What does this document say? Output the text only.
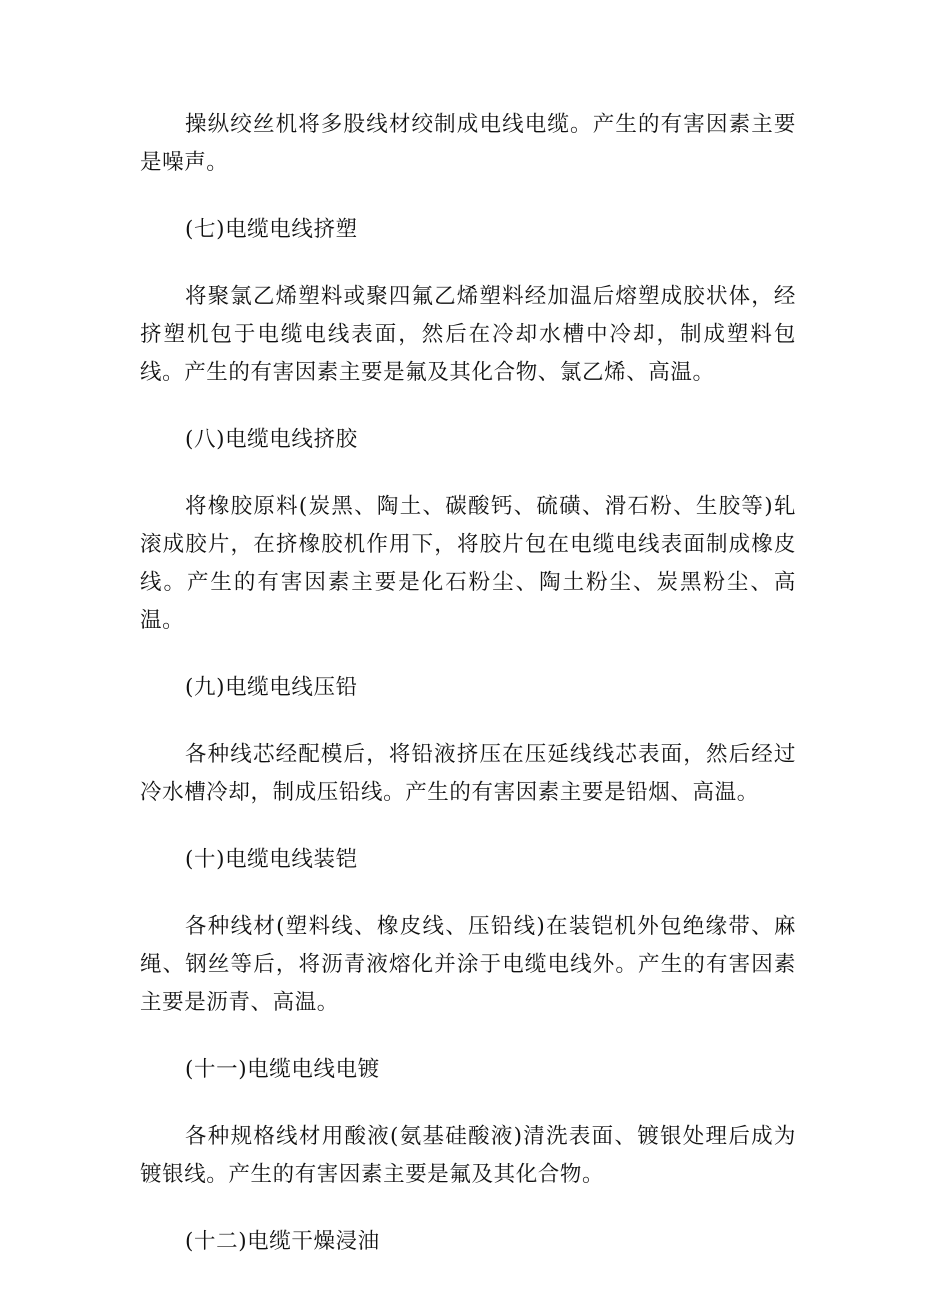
操纵绞丝机将多股线材绞制成电线电缆。产生的有害因素主要是噪声。

(七)电缆电线挤塑

将聚氯乙烯塑料或聚四氟乙烯塑料经加温后熔塑成胶状体，经挤塑机包于电缆电线表面，然后在冷却水槽中冷却，制成塑料包线。产生的有害因素主要是氟及其化合物、氯乙烯、高温。

(八)电缆电线挤胶

将橡胶原料(炭黑、陶土、碳酸钙、硫磺、滑石粉、生胶等)轧滚成胶片，在挤橡胶机作用下，将胶片包在电缆电线表面制成橡皮线。产生的有害因素主要是化石粉尘、陶土粉尘、炭黑粉尘、高温。

(九)电缆电线压铅

各种线芯经配模后，将铅液挤压在压延线线芯表面，然后经过冷水槽冷却，制成压铅线。产生的有害因素主要是铅烟、高温。

(十)电缆电线装铠

各种线材(塑料线、橡皮线、压铅线)在装铠机外包绝缘带、麻绳、钢丝等后，将沥青液熔化并涂于电缆电线外。产生的有害因素主要是沥青、高温。

(十一)电缆电线电镀

各种规格线材用酸液(氨基硅酸液)清洗表面、镀银处理后成为镀银线。产生的有害因素主要是氟及其化合物。

(十二)电缆干燥浸油
